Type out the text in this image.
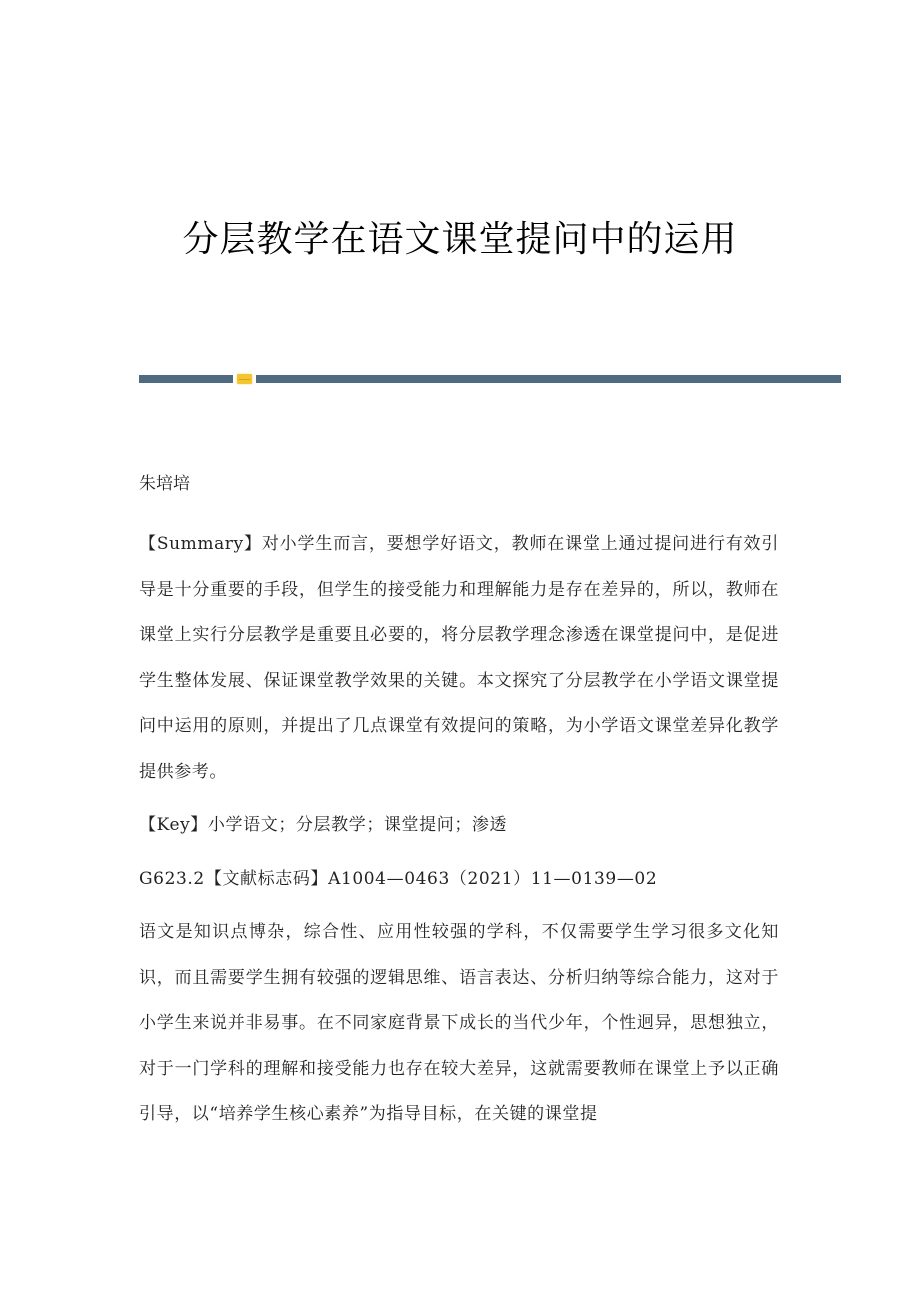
分层教学在语文课堂提问中的运用

朱培培

【Summary】对小学生而言，要想学好语文，教师在课堂上通过提问进行有效引导是十分重要的手段，但学生的接受能力和理解能力是存在差异的，所以，教师在课堂上实行分层教学是重要且必要的，将分层教学理念渗透在课堂提问中，是促进学生整体发展、保证课堂教学效果的关键。本文探究了分层教学在小学语文课堂提问中运用的原则，并提出了几点课堂有效提问的策略，为小学语文课堂差异化教学提供参考。

【Key】小学语文；分层教学；课堂提问；渗透

G623.2【文献标志码】A1004—0463（2021）11—0139—02

语文是知识点博杂，综合性、应用性较强的学科，不仅需要学生学习很多文化知识，而且需要学生拥有较强的逻辑思维、语言表达、分析归纳等综合能力，这对于小学生来说并非易事。在不同家庭背景下成长的当代少年，个性迥异，思想独立，对于一门学科的理解和接受能力也存在较大差异，这就需要教师在课堂上予以正确引导，以“培养学生核心素养”为指导目标，在关键的课堂提
